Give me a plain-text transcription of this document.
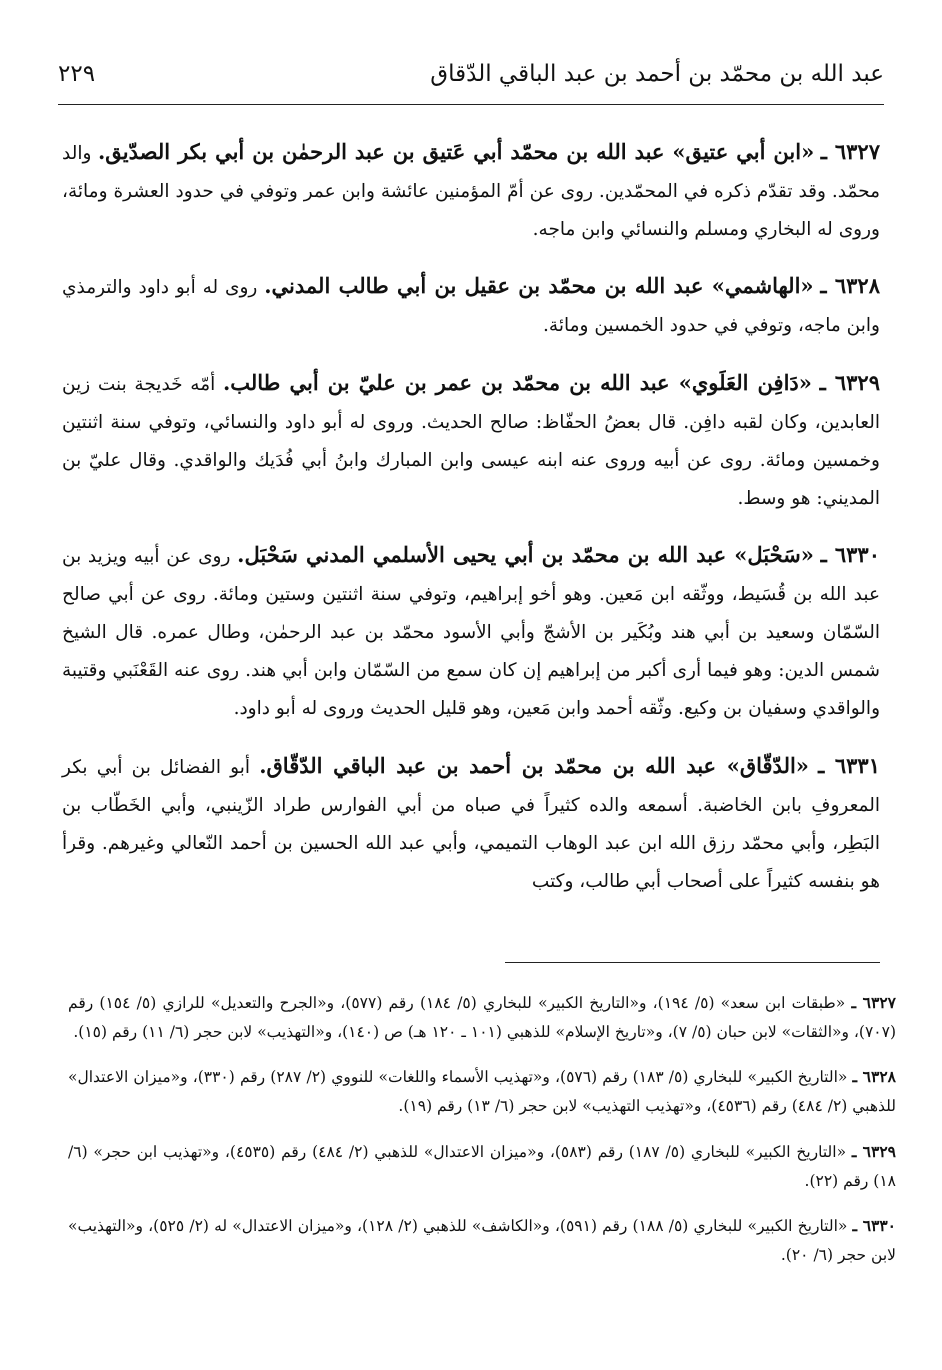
عبد الله بن محمّد بن أحمد بن عبد الباقي الدّقاق
٢٢٩

٦٣٢٧ ـ «ابن أبي عتيق» عبد الله بن محمّد أبي عَتيق بن عبد الرحمٰن بن أبي بكر الصدّيق. والد محمّد. وقد تقدّم ذكره في المحمّدين. روى عن أمّ المؤمنين عائشة وابن عمر وتوفي في حدود العشرة ومائة، وروى له البخاري ومسلم والنسائي وابن ماجه.

٦٣٢٨ ـ «الهاشمي» عبد الله بن محمّد بن عقيل بن أبي طالب المدني. روى له أبو داود والترمذي وابن ماجه، وتوفي في حدود الخمسين ومائة.

٦٣٢٩ ـ «دَافِن العَلَوي» عبد الله بن محمّد بن عمر بن عليّ بن أبي طالب. أمّه خَديجة بنت زين العابدين، وكان لقبه دافِن. قال بعضُ الحفّاظ: صالح الحديث. وروى له أبو داود والنسائي، وتوفي سنة اثنتين وخمسين ومائة. روى عن أبيه وروى عنه ابنه عيسى وابن المبارك وابنُ أبي فُدَيك والواقدي. وقال عليّ بن المديني: هو وسط.

٦٣٣٠ ـ «سَحْبَل» عبد الله بن محمّد بن أبي يحيى الأسلمي المدني سَحْبَل. روى عن أبيه ويزيد بن عبد الله بن قُسَيط، ووثّقه ابن مَعين. وهو أخو إبراهيم، وتوفي سنة اثنتين وستين ومائة. روى عن أبي صالح السّمّان وسعيد بن أبي هند وبُكَير بن الأشجّ وأبي الأسود محمّد بن عبد الرحمٰن، وطال عمره. قال الشيخ شمس الدين: وهو فيما أرى أكبر من إبراهيم إن كان سمع من السّمّان وابن أبي هند. روى عنه القَعْنَبي وقتيبة والواقدي وسفيان بن وكيع. وثّقه أحمد وابن مَعين، وهو قليل الحديث وروى له أبو داود.

٦٣٣١ ـ «الدّقّاق» عبد الله بن محمّد بن أحمد بن عبد الباقي الدّقّاق. أبو الفضائل بن أبي بكر المعروفِ بابن الخاضبة. أسمعه والده كثيراً في صباه من أبي الفوارس طراد الزّينبي، وأبي الخَطّاب بن البَطِر، وأبي محمّد رزق الله ابن عبد الوهاب التميمي، وأبي عبد الله الحسين بن أحمد النّعالي وغيرهم. وقرأ هو بنفسه كثيراً على أصحاب أبي طالب، وكتب

٦٣٢٧ ـ «طبقات ابن سعد» (٥/ ١٩٤)، و«التاريخ الكبير» للبخاري (٥/ ١٨٤) رقم (٥٧٧)، و«الجرح والتعديل» للرازي (٥/ ١٥٤) رقم (٧٠٧)، و«الثقات» لابن حبان (٥/ ٧)، و«تاريخ الإسلام» للذهبي (١٠١ ـ ١٢٠ هـ) ص (١٤٠)، و«التهذيب» لابن حجر (٦/ ١١) رقم (١٥).

٦٣٢٨ ـ «التاريخ الكبير» للبخاري (٥/ ١٨٣) رقم (٥٧٦)، و«تهذيب الأسماء واللغات» للنووي (٢/ ٢٨٧) رقم (٣٣٠)، و«ميزان الاعتدال» للذهبي (٢/ ٤٨٤) رقم (٤٥٣٦)، و«تهذيب التهذيب» لابن حجر (٦/ ١٣) رقم (١٩).

٦٣٢٩ ـ «التاريخ الكبير» للبخاري (٥/ ١٨٧) رقم (٥٨٣)، و«ميزان الاعتدال» للذهبي (٢/ ٤٨٤) رقم (٤٥٣٥)، و«تهذيب ابن حجر» (٦/ ١٨) رقم (٢٢).

٦٣٣٠ ـ «التاريخ الكبير» للبخاري (٥/ ١٨٨) رقم (٥٩١)، و«الكاشف» للذهبي (٢/ ١٢٨)، و«ميزان الاعتدال» له (٢/ ٥٢٥)، و«التهذيب» لابن حجر (٦/ ٢٠).
